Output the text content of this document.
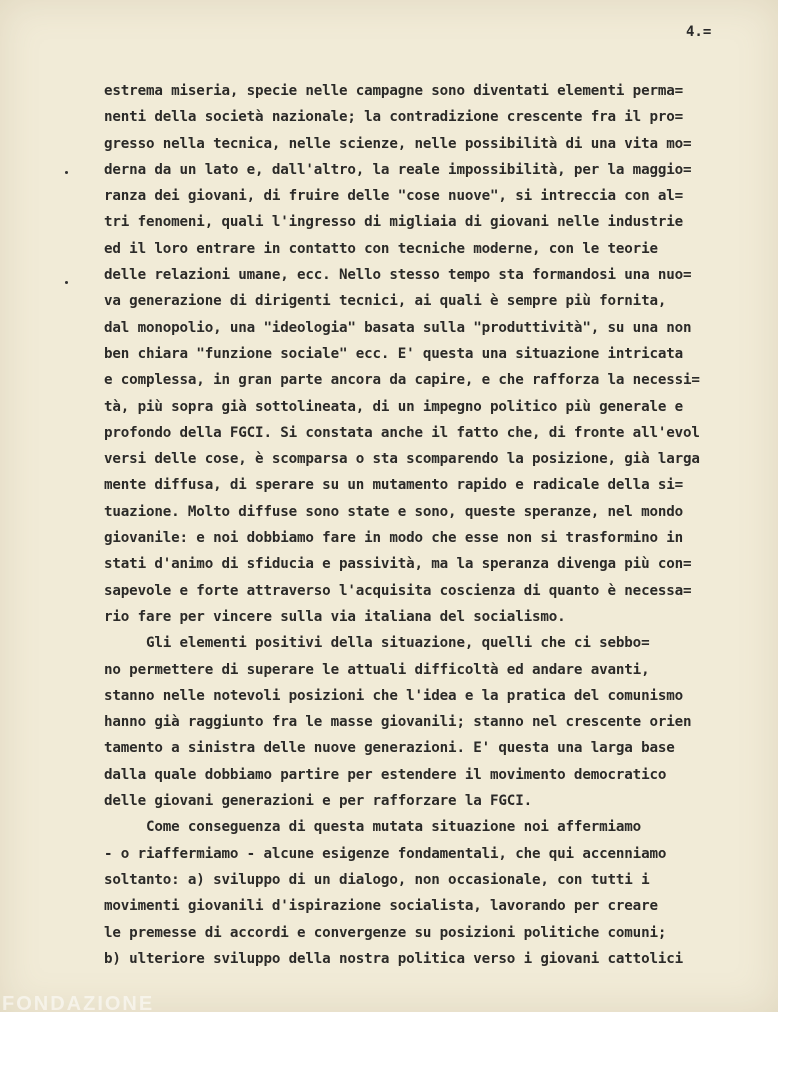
4.=
estrema miseria, specie nelle campagne sono diventati elementi perma=
nenti della società nazionale; la contradizione crescente fra il pro=
gresso nella tecnica, nelle scienze, nelle possibilità di una vita mo=
derna da un lato e, dall'altro, la reale impossibilità, per la maggio=
ranza dei giovani, di fruire delle "cose nuove", si intreccia con al=
tri fenomeni, quali l'ingresso di migliaia di giovani nelle industrie
ed il loro entrare in contatto con tecniche moderne, con le teorie
delle relazioni umane, ecc. Nello stesso tempo sta formandosi una nuo=
va generazione di dirigenti tecnici, ai quali è sempre più fornita,
dal monopolio, una "ideologia" basata sulla "produttività", su una non
ben chiara "funzione sociale" ecc. E' questa una situazione intricata
e complessa, in gran parte ancora da capire, e che rafforza la necessi=
tà, più sopra già sottolineata, di un impegno politico più generale e
profondo della FGCI. Si constata anche il fatto che, di fronte all'evol
versi delle cose, è scomparsa o sta scomparendo la posizione, già larga
mente diffusa, di sperare su un mutamento rapido e radicale della si=
tuazione. Molto diffuse sono state e sono, queste speranze, nel mondo
giovanile: e noi dobbiamo fare in modo che esse non si trasformino in
stati d'animo di sfiducia e passività, ma la speranza divenga più con=
sapevole e forte attraverso l'acquisita coscienza di quanto è necessa=
rio fare per vincere sulla via italiana del socialismo.
Gli elementi positivi della situazione, quelli che ci sebbo=
no permettere di superare le attuali difficoltà ed andare avanti,
stanno nelle notevoli posizioni che l'idea e la pratica del comunismo
hanno già raggiunto fra le masse giovanili; stanno nel crescente orien
tamento a sinistra delle nuove generazioni. E' questa una larga base
dalla quale dobbiamo partire per estendere il movimento democratico
delle giovani generazioni e per rafforzare la FGCI.
Come conseguenza di questa mutata situazione noi affermiamo
- o riaffermiamo - alcune esigenze fondamentali, che qui accenniamo
soltanto: a) sviluppo di un dialogo, non occasionale, con tutti i
movimenti giovanili d'ispirazione socialista, lavorando per creare
le premesse di accordi e convergenze su posizioni politiche comuni;
b) ulteriore sviluppo della nostra politica verso i giovani cattolici
FONDAZIONE
